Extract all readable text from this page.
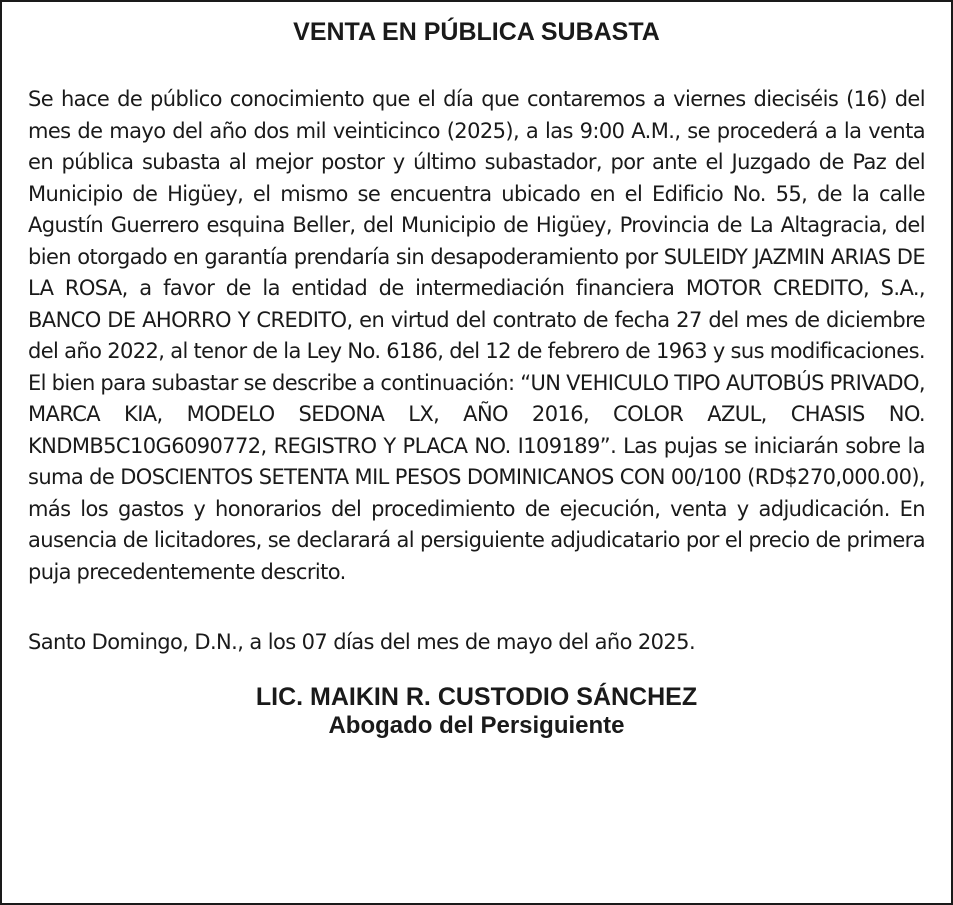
VENTA EN PÚBLICA SUBASTA

Se hace de público conocimiento que el día que contaremos a viernes dieciséis (16) del mes de mayo del año dos mil veinticinco (2025), a las 9:00 A.M., se procederá a la venta en pública subasta al mejor postor y último subastador, por ante el Juzgado de Paz del Municipio de Higüey, el mismo se encuentra ubicado en el Edificio No. 55, de la calle Agustín Guerrero esquina Beller, del Municipio de Higüey, Provincia de La Altagracia, del bien otorgado en garantía prendaría sin desapoderamiento por SULEIDY JAZMIN ARIAS DE LA ROSA, a favor de la entidad de intermediación financiera MOTOR CREDITO, S.A., BANCO DE AHORRO Y CREDITO, en virtud del contrato de fecha 27 del mes de diciembre del año 2022, al tenor de la Ley No. 6186, del 12 de febrero de 1963 y sus modificaciones. El bien para subastar se describe a continuación: “UN VEHICULO TIPO AUTOBÚS PRIVADO, MARCA KIA, MODELO SEDONA LX, AÑO 2016, COLOR AZUL, CHASIS NO. KNDMB5C10G6090772, REGISTRO Y PLACA NO. I109189”. Las pujas se iniciarán sobre la suma de DOSCIENTOS SETENTA MIL PESOS DOMINICANOS CON 00/100 (RD$270,000.00), más los gastos y honorarios del procedimiento de ejecución, venta y adjudicación. En ausencia de licitadores, se declarará al persiguiente adjudicatario por el precio de primera puja precedentemente descrito.

Santo Domingo, D.N., a los 07 días del mes de mayo del año 2025.

LIC. MAIKIN R. CUSTODIO SÁNCHEZ
Abogado del Persiguiente
